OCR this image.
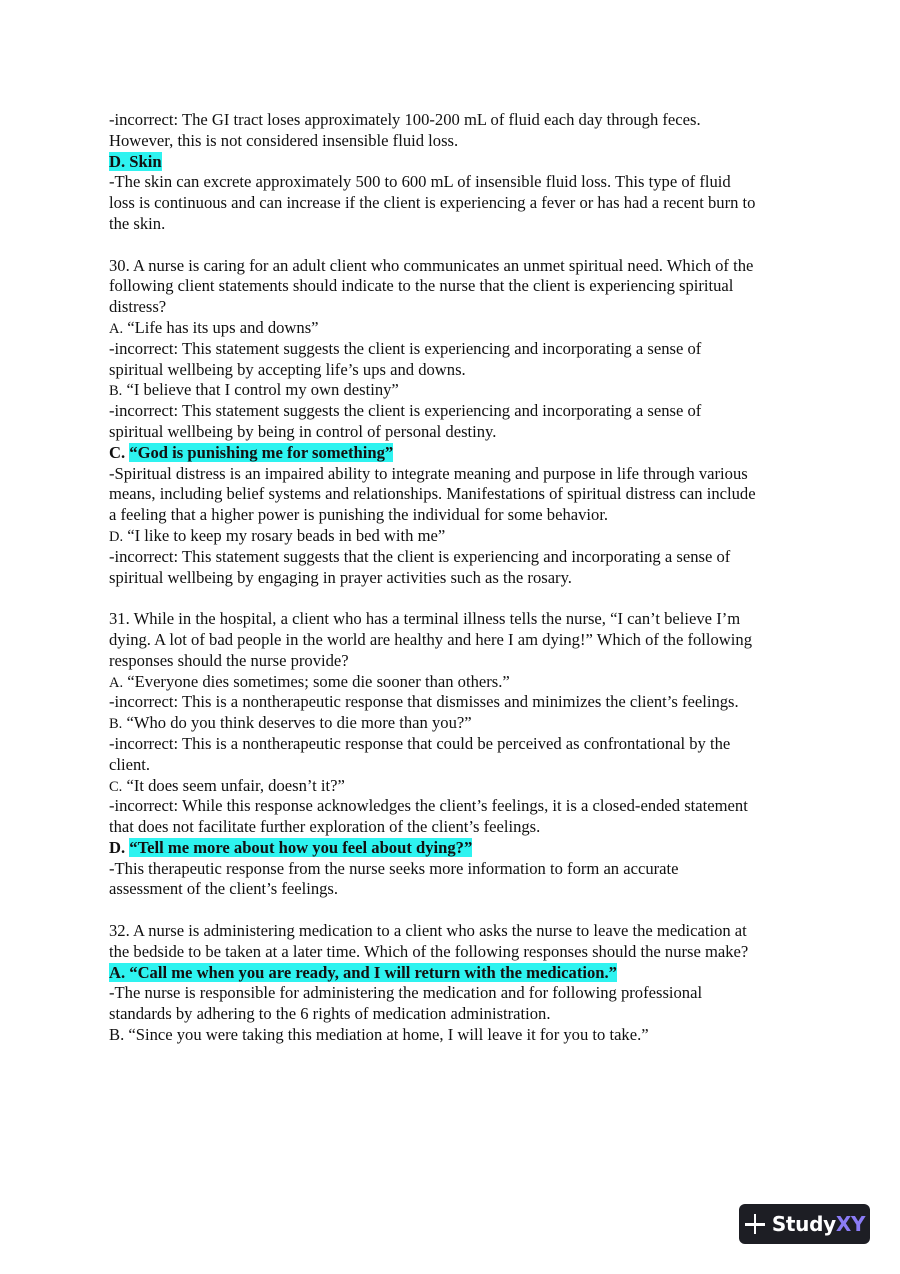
-incorrect: The GI tract loses approximately 100-200 mL of fluid each day through feces.
However, this is not considered insensible fluid loss.
D. Skin
-The skin can excrete approximately 500 to 600 mL of insensible fluid loss. This type of fluid
loss is continuous and can increase if the client is experiencing a fever or has had a recent burn to
the skin.
30. A nurse is caring for an adult client who communicates an unmet spiritual need. Which of the
following client statements should indicate to the nurse that the client is experiencing spiritual
distress?
A. “Life has its ups and downs”
-incorrect: This statement suggests the client is experiencing and incorporating a sense of
spiritual wellbeing by accepting life’s ups and downs.
B. “I believe that I control my own destiny”
-incorrect: This statement suggests the client is experiencing and incorporating a sense of
spiritual wellbeing by being in control of personal destiny.
C. “God is punishing me for something”
-Spiritual distress is an impaired ability to integrate meaning and purpose in life through various
means, including belief systems and relationships. Manifestations of spiritual distress can include
a feeling that a higher power is punishing the individual for some behavior.
D. “I like to keep my rosary beads in bed with me”
-incorrect: This statement suggests that the client is experiencing and incorporating a sense of
spiritual wellbeing by engaging in prayer activities such as the rosary.
31. While in the hospital, a client who has a terminal illness tells the nurse, “I can’t believe I’m
dying. A lot of bad people in the world are healthy and here I am dying!” Which of the following
responses should the nurse provide?
A. “Everyone dies sometimes; some die sooner than others.”
-incorrect: This is a nontherapeutic response that dismisses and minimizes the client’s feelings.
B. “Who do you think deserves to die more than you?”
-incorrect: This is a nontherapeutic response that could be perceived as confrontational by the
client.
C. “It does seem unfair, doesn’t it?”
-incorrect: While this response acknowledges the client’s feelings, it is a closed-ended statement
that does not facilitate further exploration of the client’s feelings.
D. “Tell me more about how you feel about dying?”
-This therapeutic response from the nurse seeks more information to form an accurate
assessment of the client’s feelings.
32. A nurse is administering medication to a client who asks the nurse to leave the medication at
the bedside to be taken at a later time. Which of the following responses should the nurse make?
A. “Call me when you are ready, and I will return with the medication.”
-The nurse is responsible for administering the medication and for following professional
standards by adhering to the 6 rights of medication administration.
B. “Since you were taking this mediation at home, I will leave it for you to take.”
StudyXY
